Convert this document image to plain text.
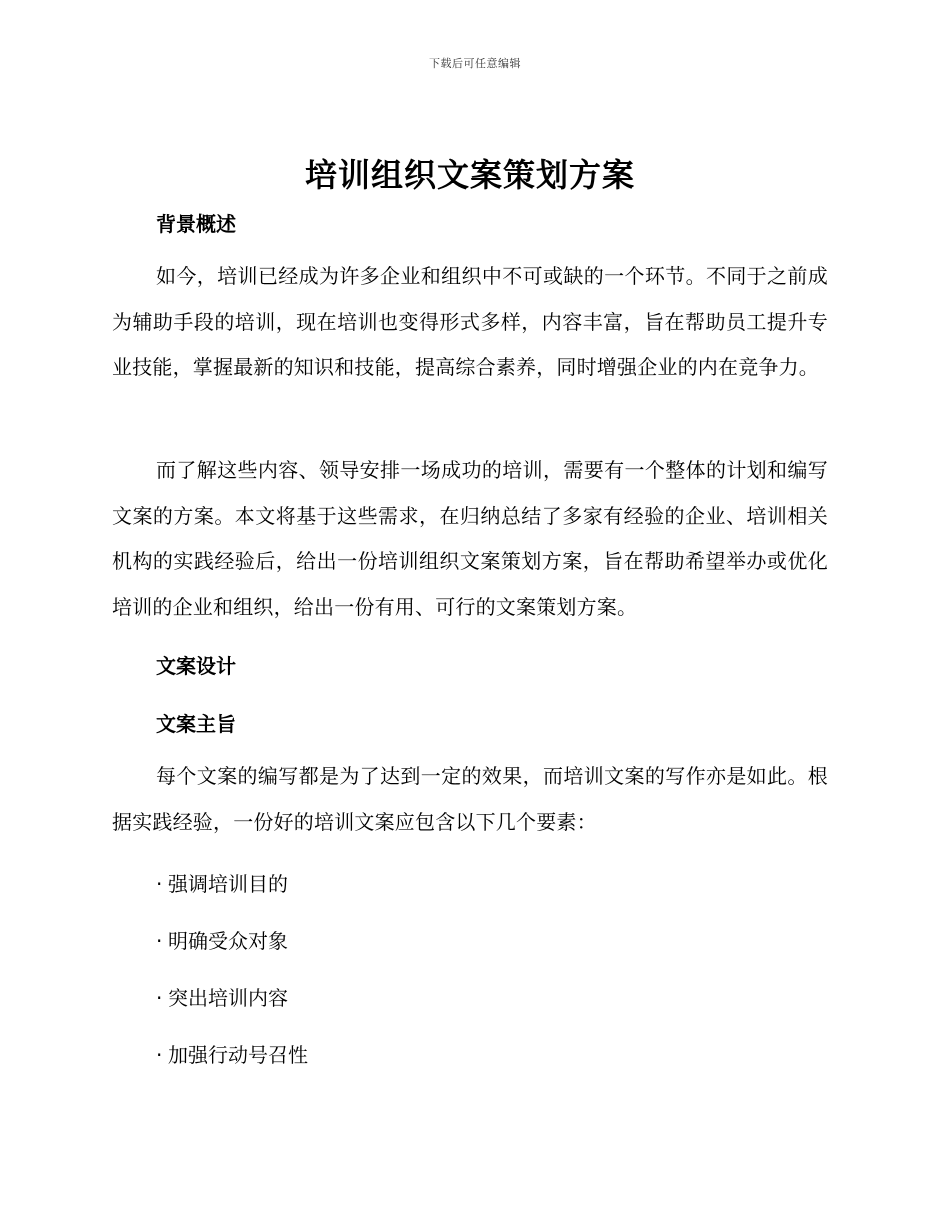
下载后可任意编辑
培训组织文案策划方案
背景概述
如今，培训已经成为许多企业和组织中不可或缺的一个环节。不同于之前成为辅助手段的培训，现在培训也变得形式多样，内容丰富，旨在帮助员工提升专业技能，掌握最新的知识和技能，提高综合素养，同时增强企业的内在竞争力。
而了解这些内容、领导安排一场成功的培训，需要有一个整体的计划和编写文案的方案。本文将基于这些需求，在归纳总结了多家有经验的企业、培训相关机构的实践经验后，给出一份培训组织文案策划方案，旨在帮助希望举办或优化培训的企业和组织，给出一份有用、可行的文案策划方案。
文案设计
文案主旨
每个文案的编写都是为了达到一定的效果，而培训文案的写作亦是如此。根据实践经验，一份好的培训文案应包含以下几个要素：
· 强调培训目的
· 明确受众对象
· 突出培训内容
· 加强行动号召性
